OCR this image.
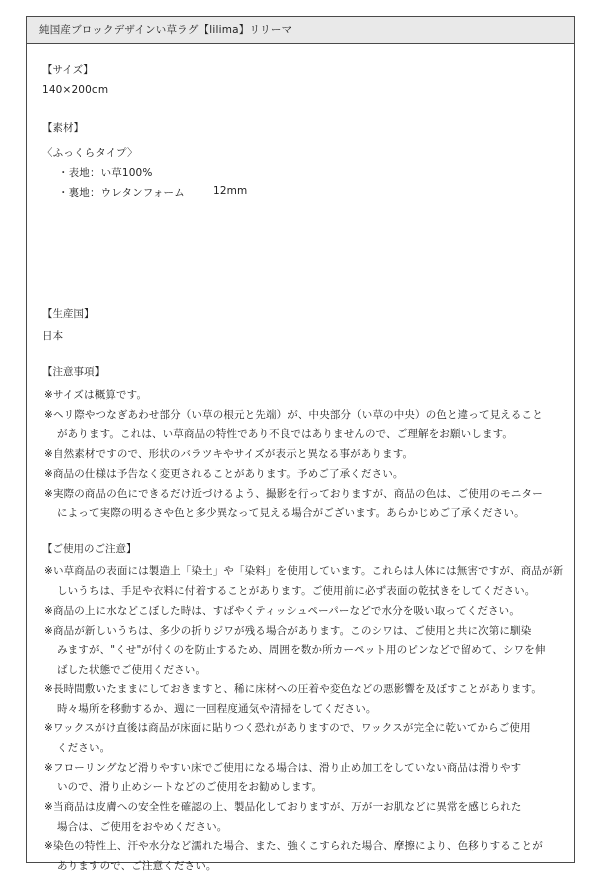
純国産ブロックデザインい草ラグ【lilima】リリーマ
【サイズ】
140×200cm
【素材】
〈ふっくらタイプ〉
・表地：い草100%
・裏地：ウレタンフォーム	12mm
【生産国】
日本
【注意事項】
※サイズは概算です。
※ヘリ際やつなぎあわせ部分（い草の根元と先端）が、中央部分（い草の中央）の色と違って見えること
があります。これは、い草商品の特性であり不良ではありませんので、ご理解をお願いします。
※自然素材ですので、形状のバラツキやサイズが表示と異なる事があります。
※商品の仕様は予告なく変更されることがあります。予めご了承ください。
※実際の商品の色にできるだけ近づけるよう、撮影を行っておりますが、商品の色は、ご使用のモニター
によって実際の明るさや色と多少異なって見える場合がございます。あらかじめご了承ください。
【ご使用のご注意】
※い草商品の表面には製造上「染土」や「染料」を使用しています。これらは人体には無害ですが、商品が新
しいうちは、手足や衣料に付着することがあります。ご使用前に必ず表面の乾拭きをしてください。
※商品の上に水などこぼした時は、すばやくティッシュペーパーなどで水分を吸い取ってください。
※商品が新しいうちは、多少の折りジワが残る場合があります。このシワは、ご使用と共に次第に馴染
みますが、"くせ"が付くのを防止するため、周囲を数か所カーペット用のピンなどで留めて、シワを伸
ばした状態でご使用ください。
※長時間敷いたままにしておきますと、稀に床材への圧着や変色などの悪影響を及ぼすことがあります。
時々場所を移動するか、週に一回程度通気や清掃をしてください。
※ワックスがけ直後は商品が床面に貼りつく恐れがありますので、ワックスが完全に乾いてからご使用
ください。
※フローリングなど滑りやすい床でご使用になる場合は、滑り止め加工をしていない商品は滑りやす
いので、滑り止めシートなどのご使用をお勧めします。
※当商品は皮膚への安全性を確認の上、製品化しておりますが、万が一お肌などに異常を感じられた
場合は、ご使用をおやめください。
※染色の特性上、汗や水分など濡れた場合、また、強くこすられた場合、摩擦により、色移りすることが
ありますので、ご注意ください。
